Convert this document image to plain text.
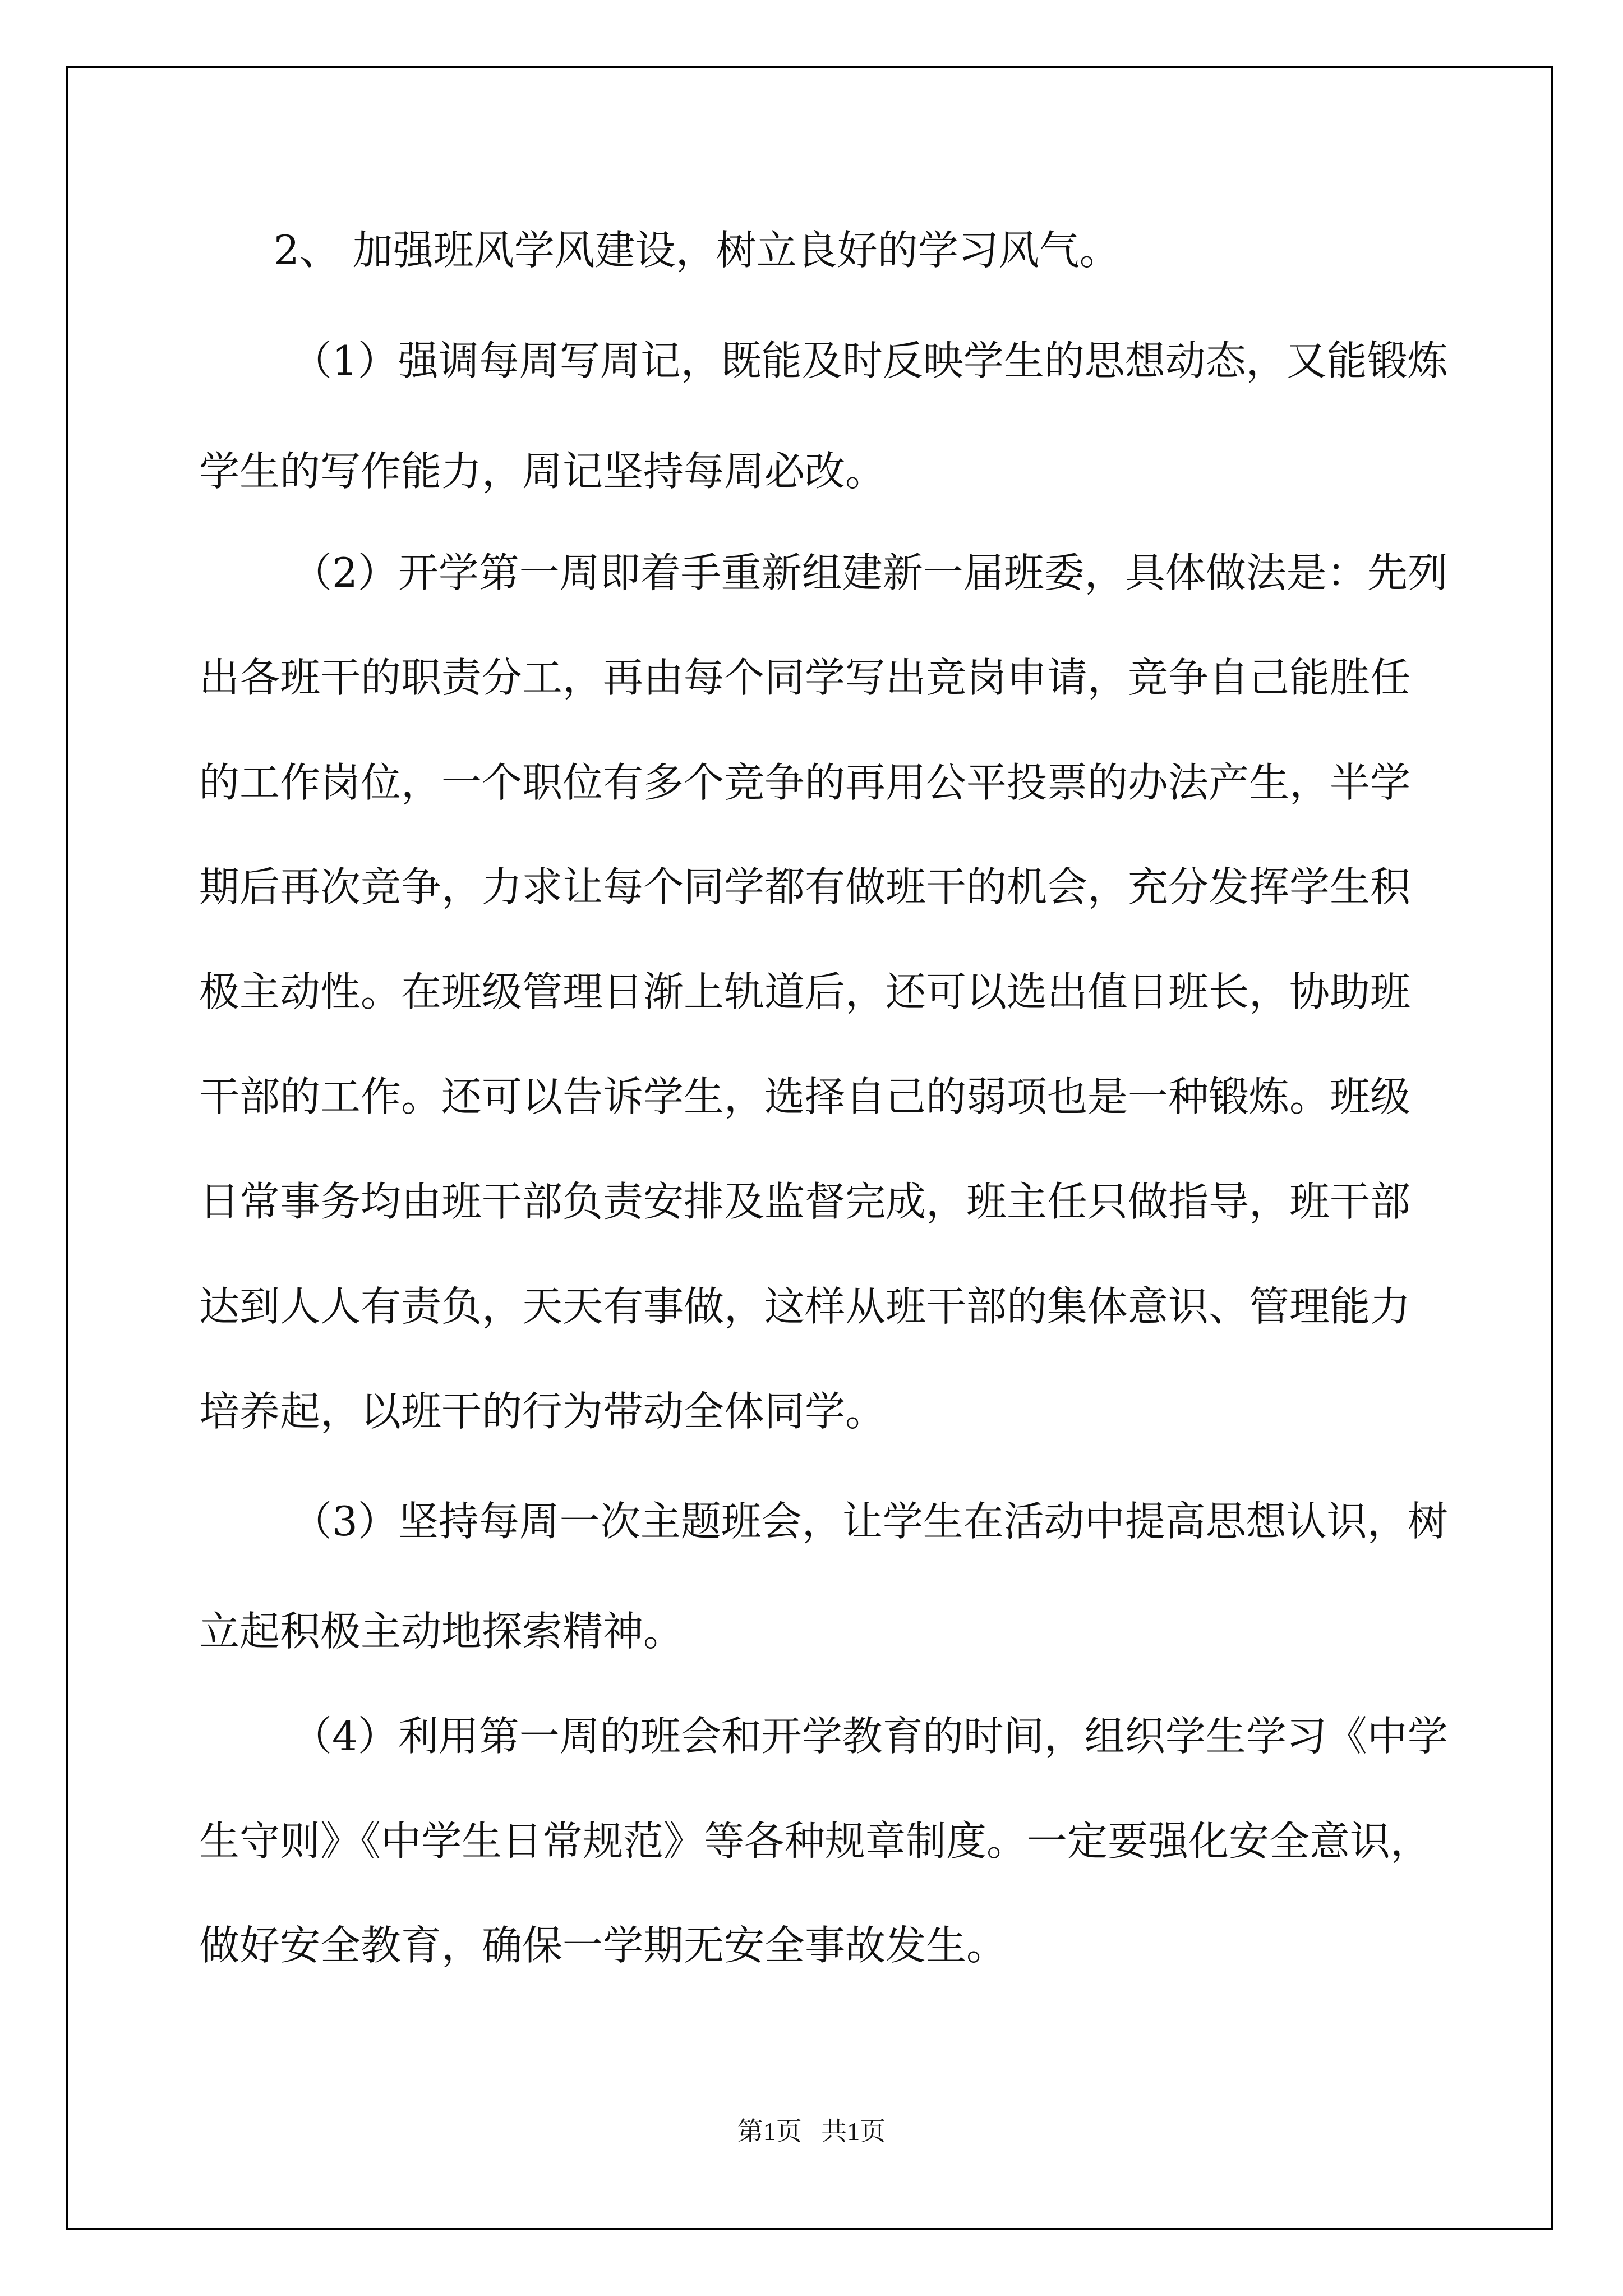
2、 加强班风学风建设，树立良好的学习风气。

（1）强调每周写周记，既能及时反映学生的思想动态，又能锻炼

学生的写作能力，周记坚持每周必改。

（2）开学第一周即着手重新组建新一届班委，具体做法是：先列

出各班干的职责分工，再由每个同学写出竞岗申请，竞争自己能胜任

的工作岗位，一个职位有多个竞争的再用公平投票的办法产生，半学

期后再次竞争，力求让每个同学都有做班干的机会，充分发挥学生积

极主动性。在班级管理日渐上轨道后，还可以选出值日班长，协助班

干部的工作。还可以告诉学生，选择自己的弱项也是一种锻炼。班级

日常事务均由班干部负责安排及监督完成，班主任只做指导，班干部

达到人人有责负，天天有事做，这样从班干部的集体意识、管理能力

培养起，以班干的行为带动全体同学。

（3）坚持每周一次主题班会，让学生在活动中提高思想认识，树

立起积极主动地探索精神。

（4）利用第一周的班会和开学教育的时间，组织学生学习《中学

生守则》《中学生日常规范》等各种规章制度。一定要强化安全意识，

做好安全教育，确保一学期无安全事故发生。

第1页   共1页
